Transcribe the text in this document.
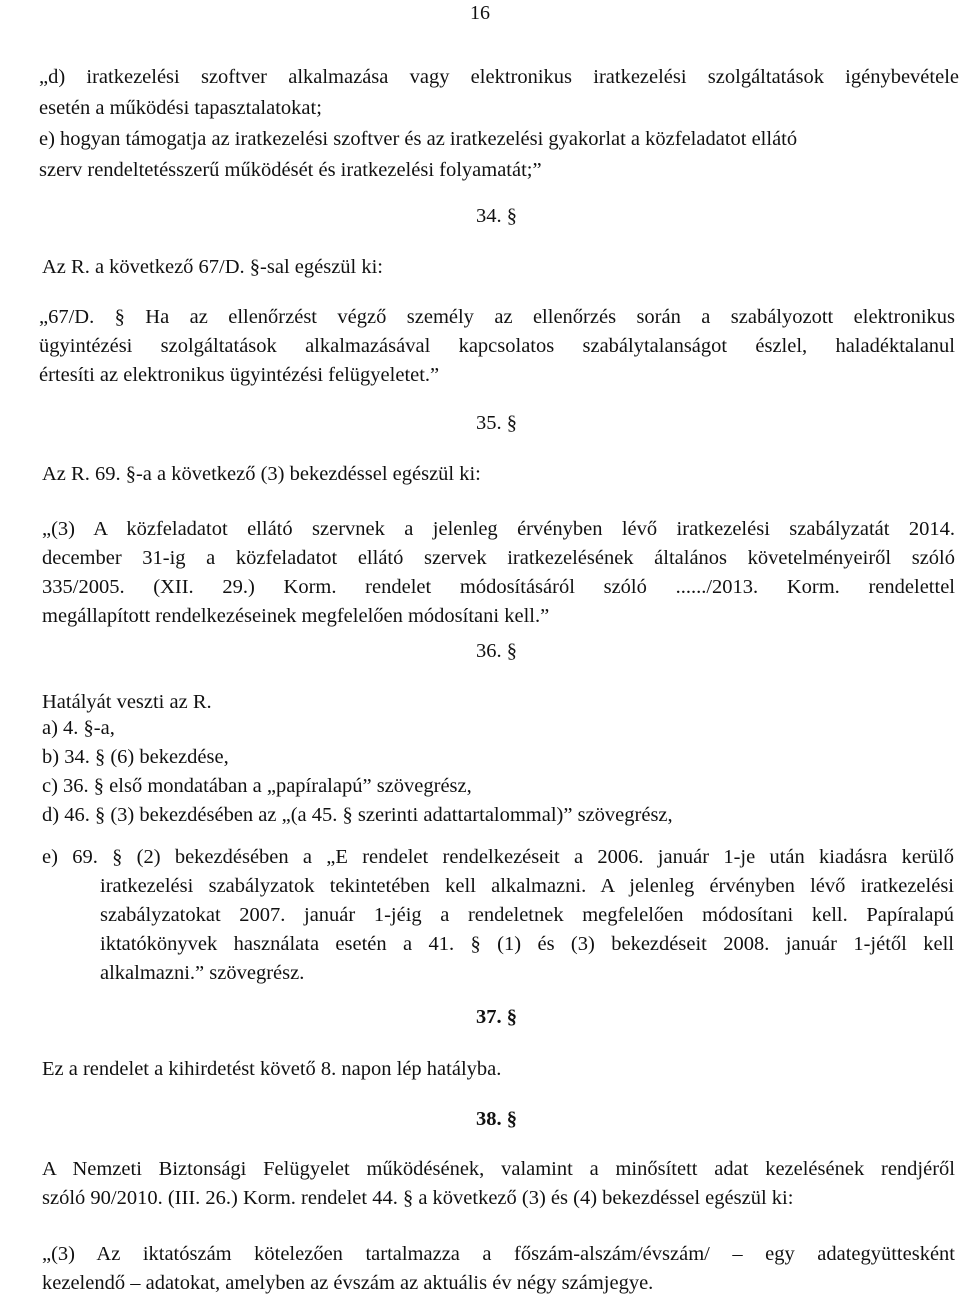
16
„d) iratkezelési szoftver alkalmazása vagy elektronikus iratkezelési szolgáltatások igénybevétele
esetén a működési tapasztalatokat;
e) hogyan támogatja az iratkezelési szoftver és az iratkezelési gyakorlat a közfeladatot ellátó
szerv rendeltetésszerű működését és iratkezelési folyamatát;”
34. §
Az R. a következő 67/D. §-sal egészül ki:
„67/D. § Ha az ellenőrzést végző személy az ellenőrzés során a szabályozott elektronikus
ügyintézési szolgáltatások alkalmazásával kapcsolatos szabálytalanságot észlel, haladéktalanul
értesíti az elektronikus ügyintézési felügyeletet.”
35. §
Az R. 69. §-a a következő (3) bekezdéssel egészül ki:
„(3) A közfeladatot ellátó szervnek a jelenleg érvényben lévő iratkezelési szabályzatát 2014.
december 31-ig a közfeladatot ellátó szervek iratkezelésének általános követelményeiről szóló
335/2005. (XII. 29.) Korm. rendelet módosításáról szóló ....../2013. Korm. rendelettel
megállapított rendelkezéseinek megfelelően módosítani kell.”
36. §
Hatályát veszti az R.
a) 4. §-a,
b) 34. § (6) bekezdése,
c) 36. § első mondatában a „papíralapú” szövegrész,
d) 46. § (3) bekezdésében az „(a 45. § szerinti adattartalommal)” szövegrész,
e) 69. § (2) bekezdésében a „E rendelet rendelkezéseit a 2006. január 1-je után kiadásra kerülő
iratkezelési szabályzatok tekintetében kell alkalmazni. A jelenleg érvényben lévő iratkezelési
szabályzatokat 2007. január 1-jéig a rendeletnek megfelelően módosítani kell. Papíralapú
iktatókönyvek használata esetén a 41. § (1) és (3) bekezdéseit 2008. január 1-jétől kell
alkalmazni.” szövegrész.
37. §
Ez a rendelet a kihirdetést követő 8. napon lép hatályba.
38. §
A Nemzeti Biztonsági Felügyelet működésének, valamint a minősített adat kezelésének rendjéről
szóló 90/2010. (III. 26.) Korm. rendelet 44. § a következő (3) és (4) bekezdéssel egészül ki:
„(3) Az iktatószám kötelezően tartalmazza a főszám-alszám/évszám/ – egy adategyüttesként
kezelendő – adatokat, amelyben az évszám az aktuális év négy számjegye.
